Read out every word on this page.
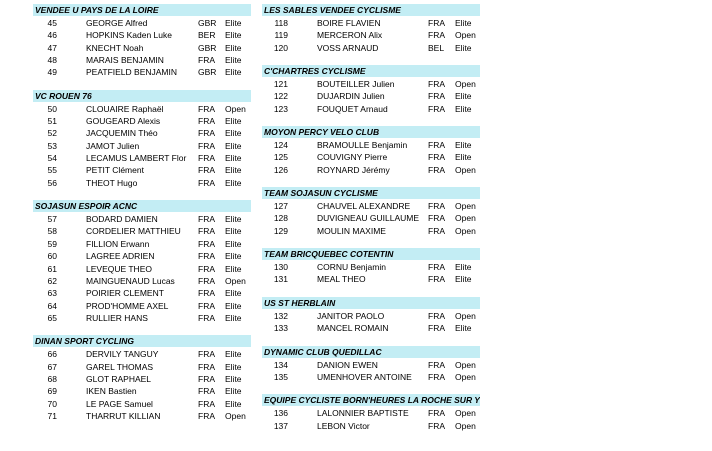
VENDEE U PAYS DE LA LOIRE
45	GEORGE Alfred	GBR Elite
46	HOPKINS Kaden Luke	BER Elite
47	KNECHT Noah	GBR Elite
48	MARAIS BENJAMIN	FRA Elite
49	PEATFIELD BENJAMIN	GBR Elite
VC ROUEN 76
50	CLOUAIRE Raphaël	FRA Open
51	GOUGEARD Alexis	FRA Elite
52	JACQUEMIN Théo	FRA Elite
53	JAMOT Julien	FRA Elite
54	LECAMUS LAMBERT Flor	FRA Elite
55	PETIT Clément	FRA Elite
56	THEOT Hugo	FRA Elite
SOJASUN ESPOIR ACNC
57	BODARD DAMIEN	FRA Elite
58	CORDELIER MATTHIEU	FRA Elite
59	FILLION Erwann	FRA Elite
60	LAGREE ADRIEN	FRA Elite
61	LEVEQUE THEO	FRA Elite
62	MAINGUENAUD Lucas	FRA Open
63	POIRIER CLEMENT	FRA Elite
64	PROD'HOMME AXEL	FRA Elite
65	RULLIER HANS	FRA Elite
DINAN SPORT CYCLING
66	DERVILY TANGUY	FRA Elite
67	GAREL THOMAS	FRA Elite
68	GLOT RAPHAEL	FRA Elite
69	IKEN Bastien	FRA Elite
70	LE PAGE Samuel	FRA Elite
71	THARRUT KILLIAN	FRA Open
LES SABLES VENDEE CYCLISME
118	BOIRE FLAVIEN	FRA Elite
119	MERCERON Alix	FRA Open
120	VOSS ARNAUD	BEL Elite
C'CHARTRES CYCLISME
121	BOUTEILLER Julien	FRA Open
122	DUJARDIN Julien	FRA Elite
123	FOUQUET Arnaud	FRA Elite
MOYON PERCY VELO CLUB
124	BRAMOULLE Benjamin	FRA Elite
125	COUVIGNY Pierre	FRA Elite
126	ROYNARD Jérémy	FRA Open
TEAM SOJASUN CYCLISME
127	CHAUVEL ALEXANDRE	FRA Open
128	DUVIGNEAU GUILLAUME	FRA Open
129	MOULIN MAXIME	FRA Open
TEAM BRICQUEBEC COTENTIN
130	CORNU Benjamin	FRA Elite
131	MEAL THEO	FRA Elite
US ST HERBLAIN
132	JANITOR PAOLO	FRA Open
133	MANCEL ROMAIN	FRA Elite
DYNAMIC CLUB QUEDILLAC
134	DANION EWEN	FRA Open
135	UMENHOVER ANTOINE	FRA Open
EQUIPE CYCLISTE BORN'HEURES LA ROCHE SUR Y
136	LALONNIER BAPTISTE	FRA Open
137	LEBON Victor	FRA Open
